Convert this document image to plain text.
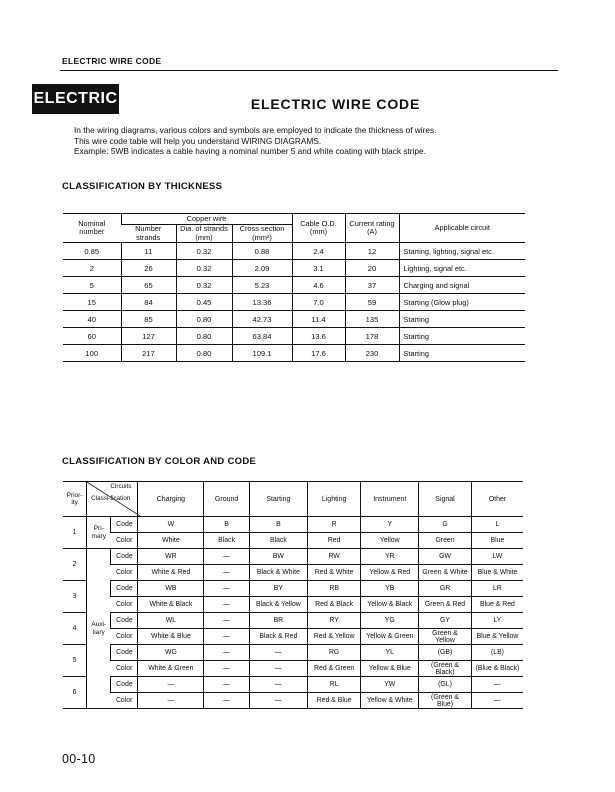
ELECTRIC WIRE CODE
ELECTRIC	ELECTRIC WIRE CODE
In the wiring diagrams, various colors and symbols are employed to indicate the thickness of wires.
This wire code table will help you understand WIRING DIAGRAMS.
Example: 5WB indicates a cable having a nominal number 5 and white coating with black stripe.
CLASSIFICATION BY THICKNESS
Nominal number	Copper wire			Cable O.D. (mm)	Current rating (A)	Applicable circuit
	Number strands	Dia. of strands (mm)	Cross section (mm²)			
0.85	11	0.32	0.88	2.4	12	Starting, lighting, signal etc.
2	26	0.32	2.09	3.1	20	Lighting, signal etc.
5	65	0.32	5.23	4.6	37	Charging and signal
15	84	0.45	13.36	7.0	59	Starting (Glow plug)
40	85	0.80	42.73	11.4	135	Starting
60	127	0.80	63.84	13.6	178	Starting
100	217	0.80	109.1	17.6	230	Starting
CLASSIFICATION BY COLOR AND CODE
Prior-ity	Circuits
Classi-fication		Charging	Ground	Starting	Lighting	Instrument	Signal	Other
1	Pri-mary	Code	W	B	B	R	Y	G	L
		Color	White	Black	Black	Red	Yellow	Green	Blue
2	Auxi-liary	Code	WR	—	BW	RW	YR	GW	LW
		Color	White & Red	—	Black & White	Red & White	Yellow & Red	Green & White	Blue & White
3		Code	WB	—	BY	RB	YB	GR	LR
		Color	White & Black	—	Black & Yellow	Red & Black	Yellow & Black	Green & Red	Blue & Red
4		Code	WL	—	BR	RY	YG	GY	LY
		Color	White & Blue	—	Black & Red	Red & Yellow	Yellow & Green	Green & Yellow	Blue & Yellow
5		Code	WG	—	—	RG	YL	(GB)	(LB)
		Color	White & Green	—	—	Red & Green	Yellow & Blue	(Green & Black)	(Blue & Black)
6		Code	—	—	—	RL	YW	(GL)	—
		Color	—	—	—	Red & Blue	Yellow & White	(Green & Blue)	—
00-10
